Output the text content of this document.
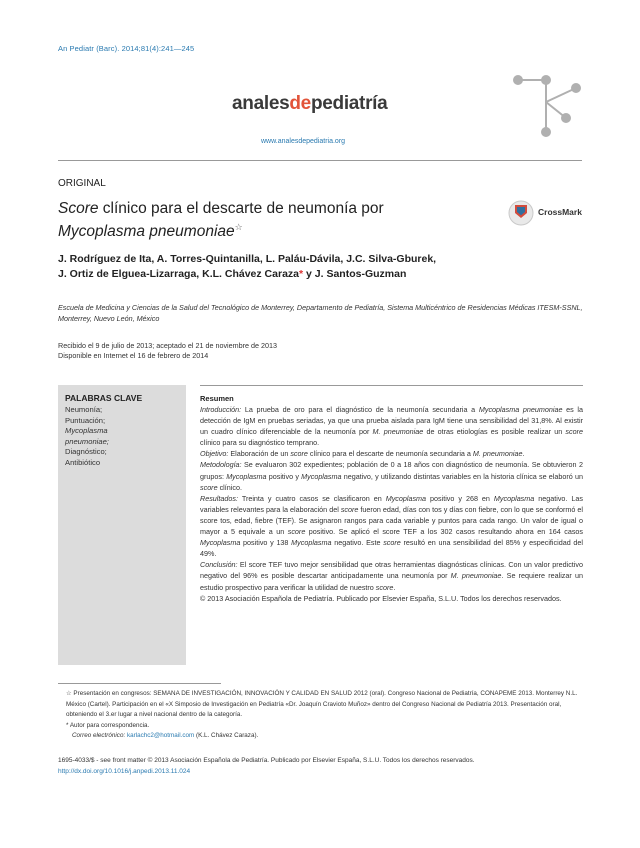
An Pediatr (Barc). 2014;81(4):241—245
analesdepediatría
www.analesdepediatria.org
ORIGINAL
Score clínico para el descarte de neumonía por
Mycoplasma pneumoniae☆
CrossMark
J. Rodríguez de Ita, A. Torres-Quintanilla, L. Paláu-Dávila, J.C. Silva-Gburek,
J. Ortiz de Elguea-Lizarraga, K.L. Chávez Caraza* y J. Santos-Guzman
Escuela de Medicina y Ciencias de la Salud del Tecnológico de Monterrey, Departamento de Pediatría, Sistema Multicéntrico de Residencias Médicas ITESM-SSNL, Monterrey, Nuevo León, México
Recibido el 9 de julio de 2013; aceptado el 21 de noviembre de 2013
Disponible en Internet el 16 de febrero de 2014
PALABRAS CLAVE
Neumonía;
Puntuación;
Mycoplasma
pneumoniae;
Diagnóstico;
Antibiótico
Resumen

Introducción: La prueba de oro para el diagnóstico de la neumonía secundaria a Mycoplasma pneumoniae es la detección de IgM en pruebas seriadas, ya que una prueba aislada para IgM tiene una sensibilidad del 31,8%. Al existir un cuadro clínico diferenciable de la neumonía por M. pneumoniae de otras etiologías es posible realizar un score clínico para su diagnóstico temprano.

Objetivo: Elaboración de un score clínico para el descarte de neumonía secundaria a M. pneumoniae.

Metodología: Se evaluaron 302 expedientes; población de 0 a 18 años con diagnóstico de neumonía. Se obtuvieron 2 grupos: Mycoplasma positivo y Mycoplasma negativo, y utilizando distintas variables en la historia clínica se elaboró un score clínico.

Resultados: Treinta y cuatro casos se clasificaron en Mycoplasma positivo y 268 en Mycoplasma negativo. Las variables relevantes para la elaboración del score fueron edad, días con tos y días con fiebre, con lo que se conformó el score tos, edad, fiebre (TEF). Se asignaron rangos para cada variable y puntos para cada rango. Un valor de igual o mayor a 5 equivale a un score positivo. Se aplicó el score TEF a los 302 casos resultando ahora en 164 casos Mycoplasma positivo y 138 Mycoplasma negativo. Este score resultó en una sensibilidad del 85% y especificidad del 49%.

Conclusión: El score TEF tuvo mejor sensibilidad que otras herramientas diagnósticas clínicas. Con un valor predictivo negativo del 96% es posible descartar anticipadamente una neumonía por M. pneumoniae. Se requiere realizar un estudio prospectivo para verificar la utilidad de nuestro score.

© 2013 Asociación Española de Pediatría. Publicado por Elsevier España, S.L.U. Todos los derechos reservados.

☆ Presentación en congresos: SEMANA DE INVESTIGACIÓN, INNOVACIÓN Y CALIDAD EN SALUD 2012 (oral). Congreso Nacional de Pediatría, CONAPEME 2013. Monterrey N.L. México (Cartel). Participación en el «X Simposio de Investigación en Pediatría «Dr. Joaquín Cravioto Muñoz» dentro del Congreso Nacional de Pediatría 2013. Presentación oral, obteniendo el 3.er lugar a nivel nacional dentro de la categoría.
* Autor para correspondencia.
Correo electrónico: karlachc2@hotmail.com (K.L. Chávez Caraza).
1695-4033/$ - see front matter © 2013 Asociación Española de Pediatría. Publicado por Elsevier España, S.L.U. Todos los derechos reservados.
http://dx.doi.org/10.1016/j.anpedi.2013.11.024
